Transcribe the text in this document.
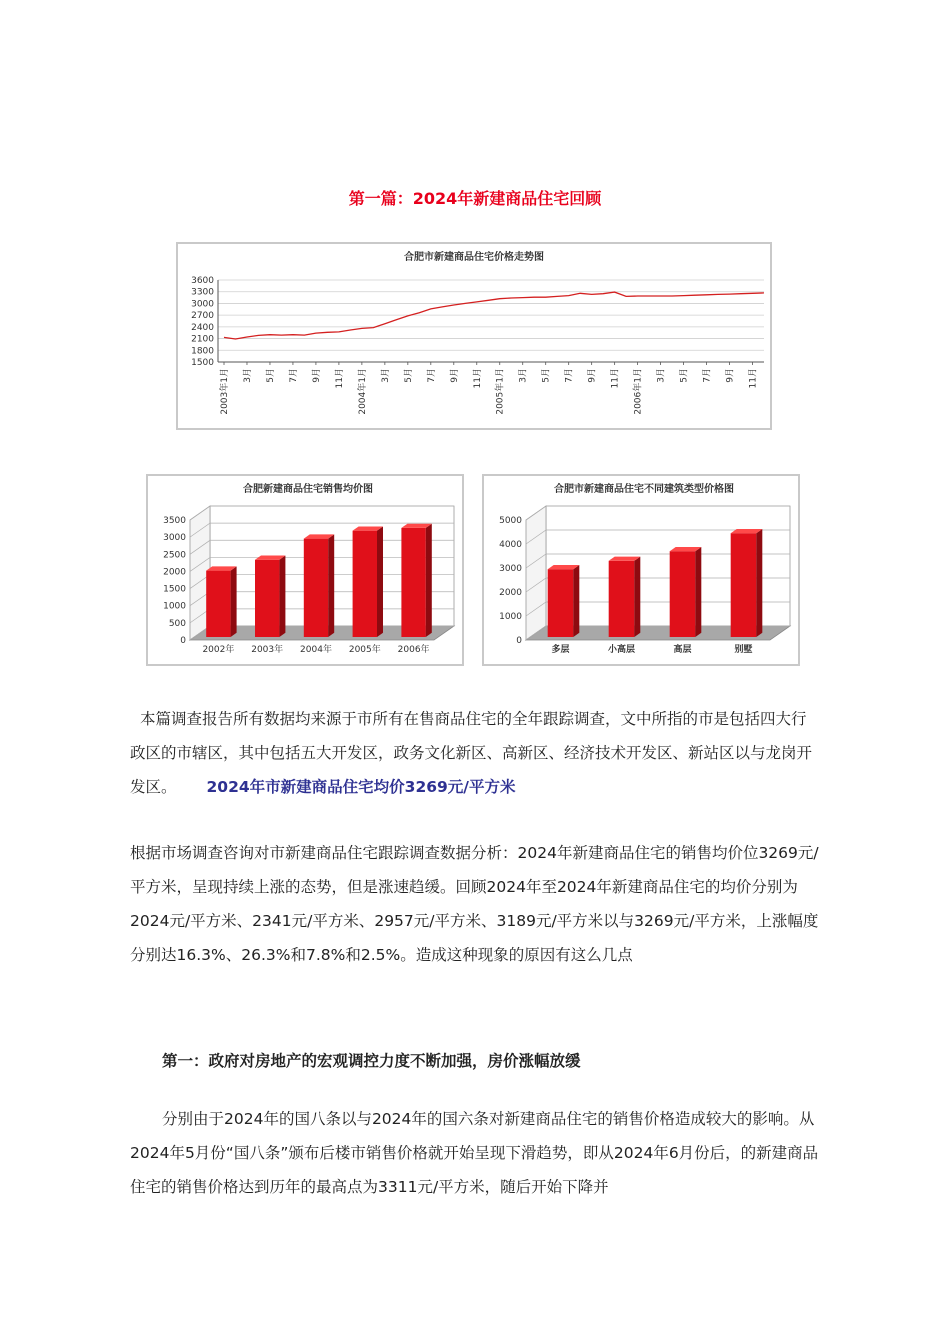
第一篇：2024年新建商品住宅回顾
合肥市新建商品住宅价格走势图
3600
3300
3000
2700
2400
2100
1800
1500
2003年1月 3月 5月 7月 9月 11月 2004年1月 3月 5月 7月 9月 11月 2005年1月 3月 5月 7月 9月 11月 2006年1月 3月 5月 7月 9月 11月
合肥新建商品住宅销售均价图
3500
3000
2500
2000
1500
1000
500
0
2002年 2003年 2004年 2005年 2006年
合肥市新建商品住宅不同建筑类型价格图
5000
4000
3000
2000
1000
0
多层	小高层	高层	别墅
本篇调查报告所有数据均来源于市所有在售商品住宅的全年跟踪调查，文中所指的市是包括四大行政区的市辖区，其中包括五大开发区，政务文化新区、高新区、经济技术开发区、新站区以与龙岗开发区。 2024年市新建商品住宅均价3269元/平方米
根据市场调查咨询对市新建商品住宅跟踪调查数据分析：2024年新建商品住宅的销售均价位3269元/平方米，呈现持续上涨的态势，但是涨速趋缓。回顾2024年至2024年新建商品住宅的均价分别为2024元/平方米、2341元/平方米、2957元/平方米、3189元/平方米以与3269元/平方米，上涨幅度分别达16.3%、26.3%和7.8%和2.5%。造成这种现象的原因有这么几点
第一：政府对房地产的宏观调控力度不断加强，房价涨幅放缓
分别由于2024年的国八条以与2024年的国六条对新建商品住宅的销售价格造成较大的影响。从2024年5月份“国八条”颁布后楼市销售价格就开始呈现下滑趋势，即从2024年6月份后，的新建商品住宅的销售价格达到历年的最高点为3311元/平方米，随后开始下降并
